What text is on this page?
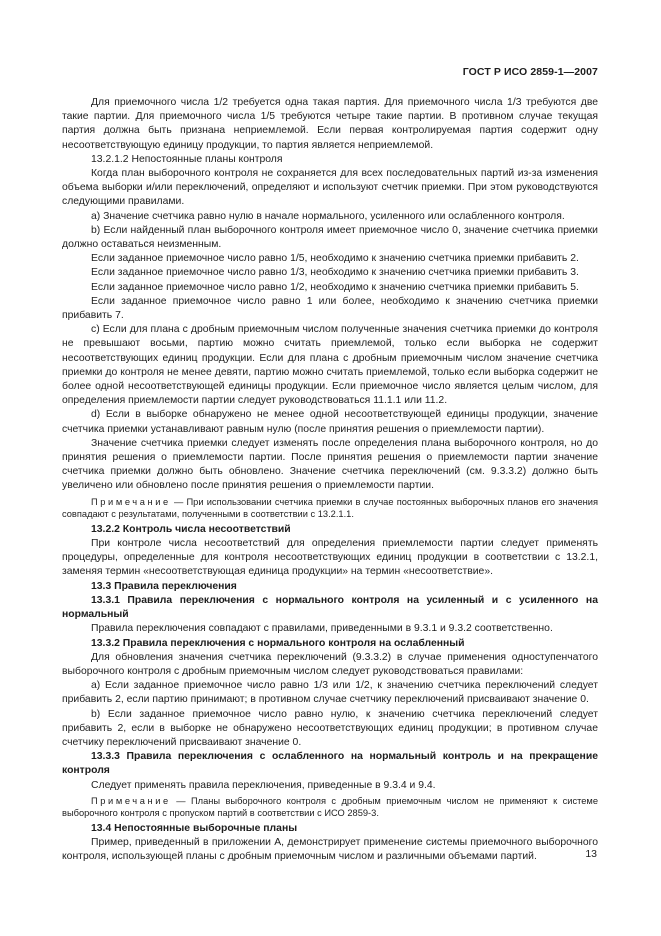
ГОСТ Р ИСО 2859-1—2007

Для приемочного числа 1/2 требуется одна такая партия. Для приемочного числа 1/3 требуются две такие партии. Для приемочного числа 1/5 требуются четыре такие партии. В противном случае текущая партия должна быть признана неприемлемой. Если первая контролируемая партия содержит одну несоответствующую единицу продукции, то партия является неприемлемой.

13.2.1.2 Непостоянные планы контроля

Когда план выборочного контроля не сохраняется для всех последовательных партий из-за изменения объема выборки и/или переключений, определяют и используют счетчик приемки. При этом руководствуются следующими правилами.

а) Значение счетчика равно нулю в начале нормального, усиленного или ослабленного контроля.

b) Если найденный план выборочного контроля имеет приемочное число 0, значение счетчика приемки должно оставаться неизменным.

Если заданное приемочное число равно 1/5, необходимо к значению счетчика приемки прибавить 2.

Если заданное приемочное число равно 1/3, необходимо к значению счетчика приемки прибавить 3.

Если заданное приемочное число равно 1/2, необходимо к значению счетчика приемки прибавить 5.

Если заданное приемочное число равно 1 или более, необходимо к значению счетчика приемки прибавить 7.

с) Если для плана с дробным приемочным числом полученные значения счетчика приемки до контроля не превышают восьми, партию можно считать приемлемой, только если выборка не содержит несоответствующих единиц продукции. Если для плана с дробным приемочным числом значение счетчика приемки до контроля не менее девяти, партию можно считать приемлемой, только если выборка содержит не более одной несоответствующей единицы продукции. Если приемочное число является целым числом, для определения приемлемости партии следует руководствоваться 11.1.1 или 11.2.

d) Если в выборке обнаружено не менее одной несоответствующей единицы продукции, значение счетчика приемки устанавливают равным нулю (после принятия решения о приемлемости партии).

Значение счетчика приемки следует изменять после определения плана выборочного контроля, но до принятия решения о приемлемости партии. После принятия решения о приемлемости партии значение счетчика приемки должно быть обновлено. Значение счетчика переключений (см. 9.3.3.2) должно быть увеличено или обновлено после принятия решения о приемлемости партии.

Примечание — При использовании счетчика приемки в случае постоянных выборочных планов его значения совпадают с результатами, полученными в соответствии с 13.2.1.1.

13.2.2 Контроль числа несоответствий

При контроле числа несоответствий для определения приемлемости партии следует применять процедуры, определенные для контроля несоответствующих единиц продукции в соответствии с 13.2.1, заменяя термин «несоответствующая единица продукции» на термин «несоответствие».

13.3 Правила переключения

13.3.1 Правила переключения с нормального контроля на усиленный и с усиленного на нормальный

Правила переключения совпадают с правилами, приведенными в 9.3.1 и 9.3.2 соответственно.

13.3.2 Правила переключения с нормального контроля на ослабленный

Для обновления значения счетчика переключений (9.3.3.2) в случае применения одноступенчатого выборочного контроля с дробным приемочным числом следует руководствоваться правилами:

а) Если заданное приемочное число равно 1/3 или 1/2, к значению счетчика переключений следует прибавить 2, если партию принимают; в противном случае счетчику переключений присваивают значение 0.

b) Если заданное приемочное число равно нулю, к значению счетчика переключений следует прибавить 2, если в выборке не обнаружено несоответствующих единиц продукции; в противном случае счетчику переключений присваивают значение 0.

13.3.3 Правила переключения с ослабленного на нормальный контроль и на прекращение контроля

Следует применять правила переключения, приведенные в 9.3.4 и 9.4.

Примечание — Планы выборочного контроля с дробным приемочным числом не применяют к системе выборочного контроля с пропуском партий в соответствии с ИСО 2859-3.

13.4 Непостоянные выборочные планы

Пример, приведенный в приложении А, демонстрирует применение системы приемочного выборочного контроля, использующей планы с дробным приемочным числом и различными объемами партий.	13
